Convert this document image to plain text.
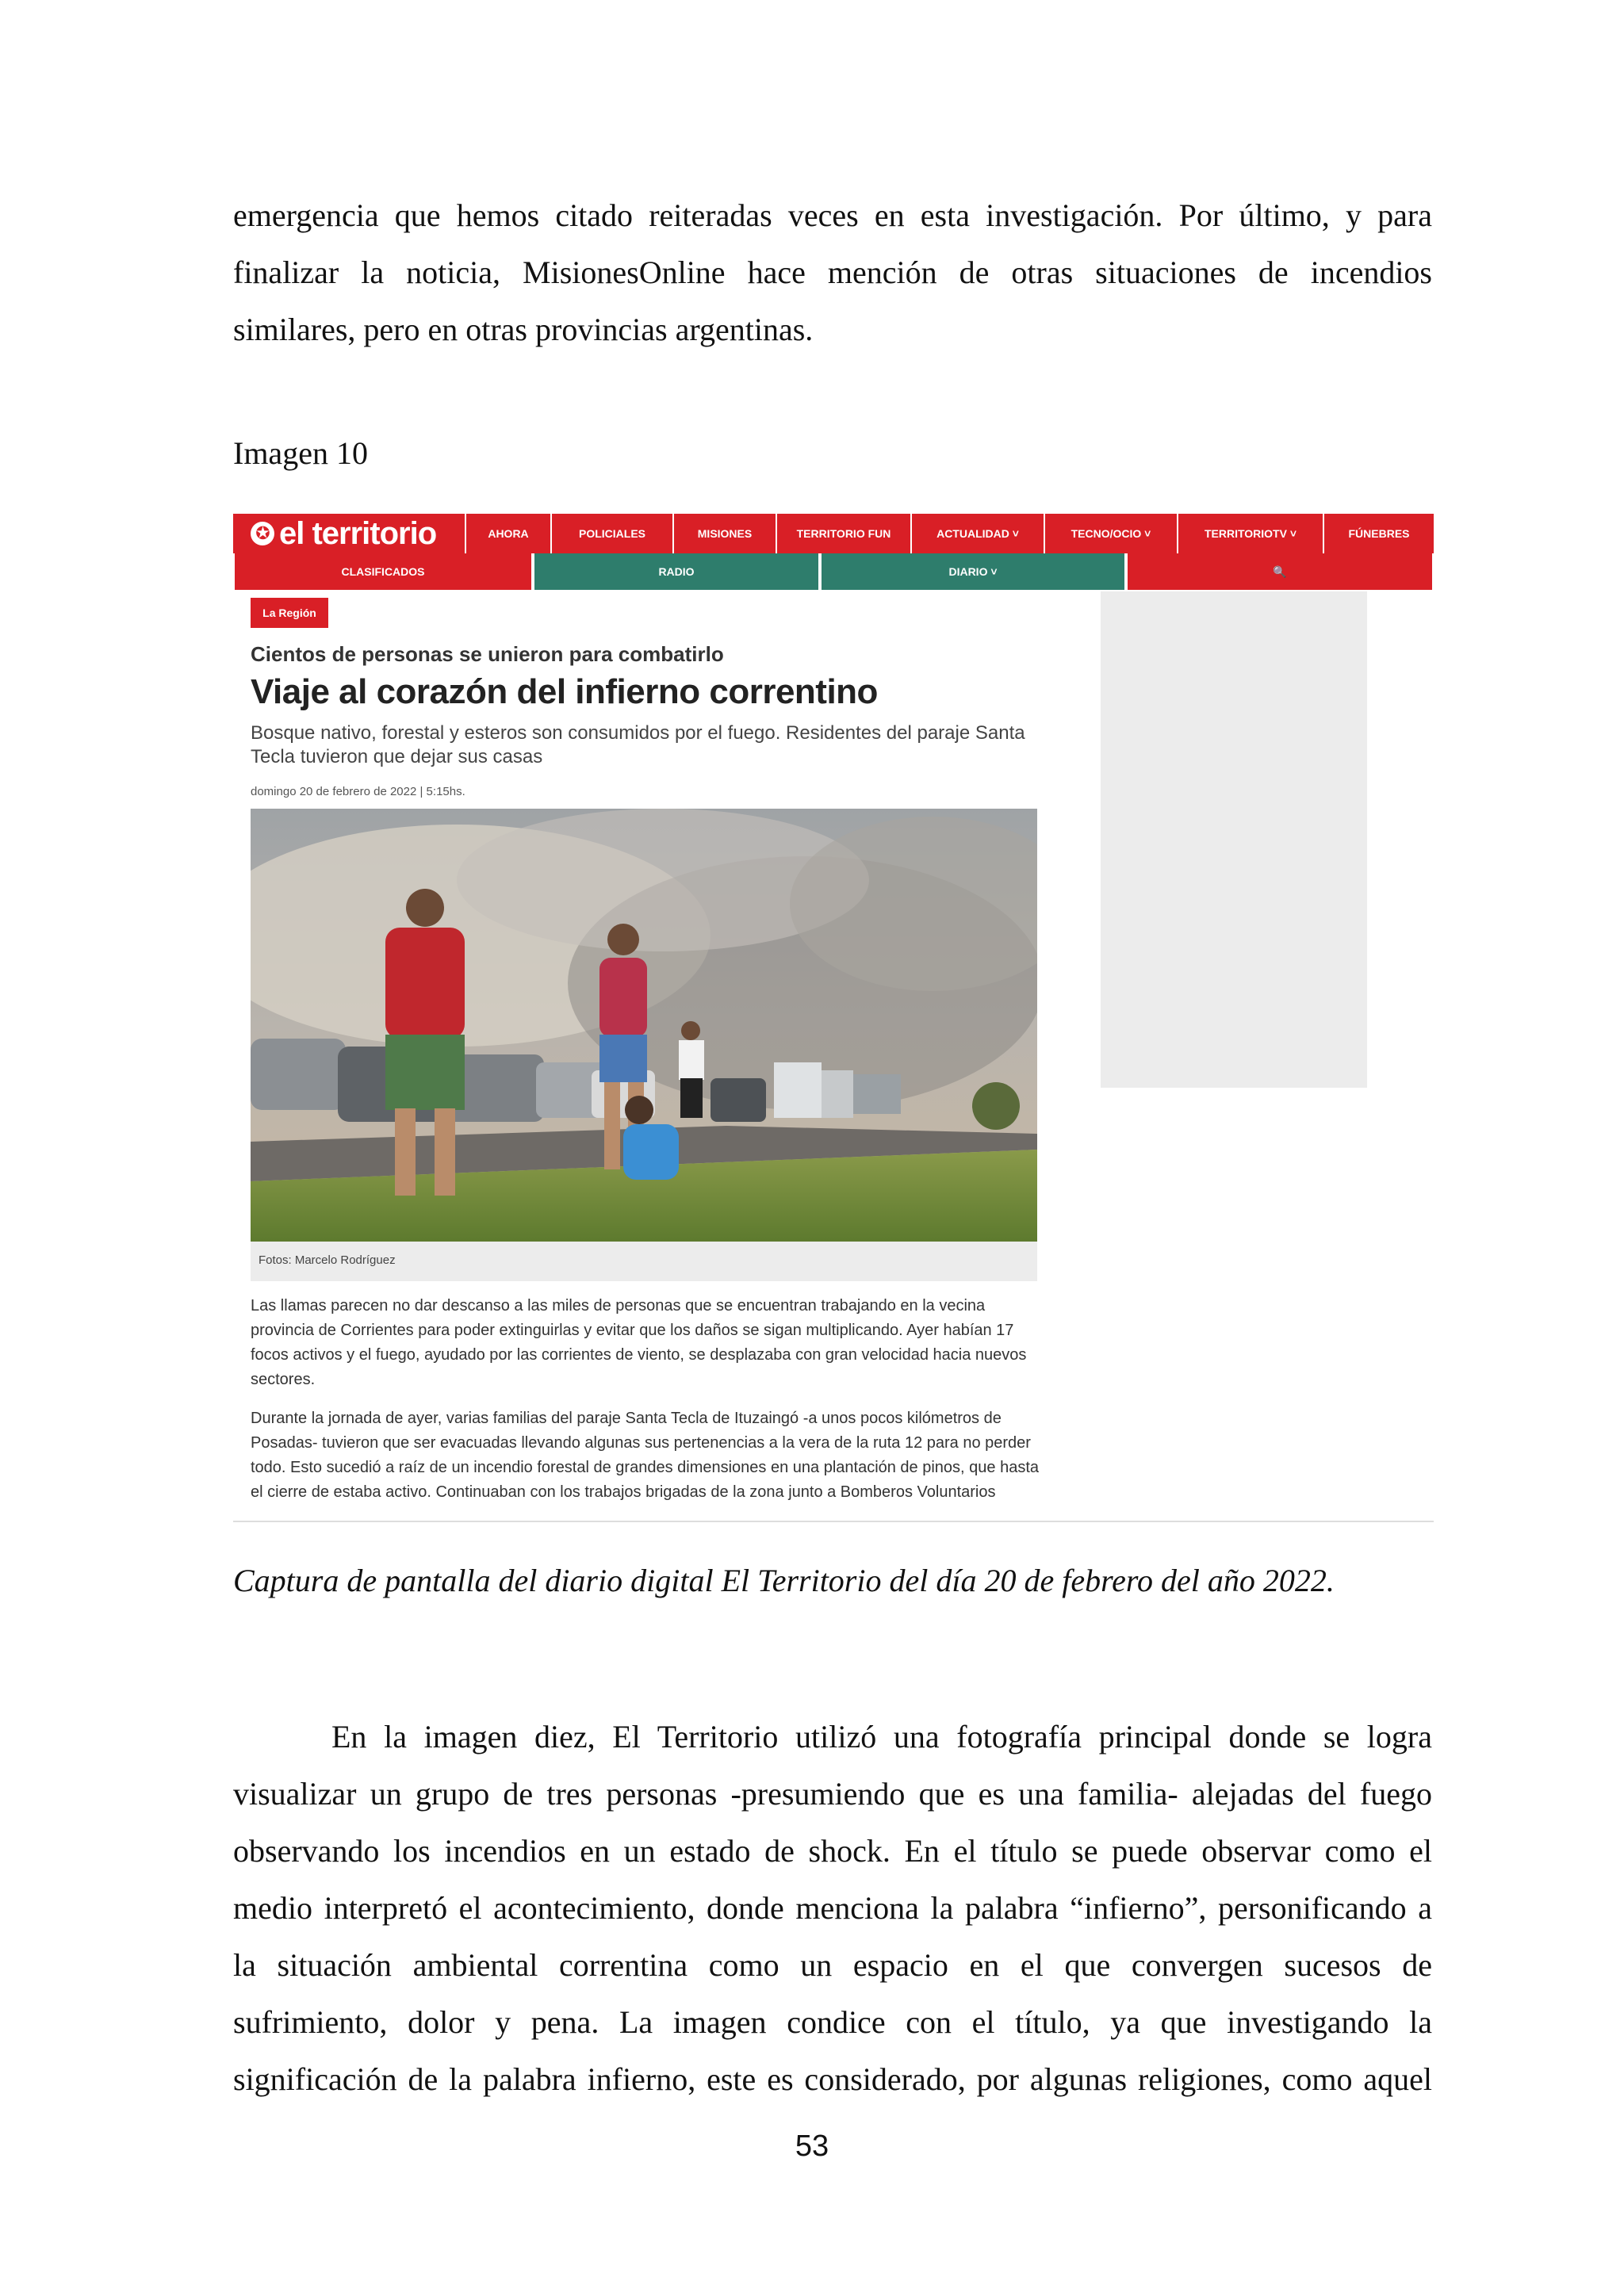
emergencia que hemos citado reiteradas veces en esta investigación. Por último, y para
finalizar la noticia, MisionesOnline hace mención de otras situaciones de incendios
similares, pero en otras provincias argentinas.
Imagen 10
✪ el territorio	AHORA	POLICIALES	MISIONES	TERRITORIO FUN	ACTUALIDAD ˅	TECNO/OCIO ˅	TERRITORIOTV ˅	FÚNEBRES
CLASIFICADOS	RADIO	DIARIO ˅	🔍
La Región
Cientos de personas se unieron para combatirlo
Viaje al corazón del infierno correntino
Bosque nativo, forestal y esteros son consumidos por el fuego. Residentes del paraje Santa Tecla tuvieron que dejar sus casas
domingo 20 de febrero de 2022 | 5:15hs.
Fotos: Marcelo Rodríguez
Las llamas parecen no dar descanso a las miles de personas que se encuentran trabajando en la vecina provincia de Corrientes para poder extinguirlas y evitar que los daños se sigan multiplicando. Ayer habían 17 focos activos y el fuego, ayudado por las corrientes de viento, se desplazaba con gran velocidad hacia nuevos sectores.
Durante la jornada de ayer, varias familias del paraje Santa Tecla de Ituzaingó -a unos pocos kilómetros de Posadas- tuvieron que ser evacuadas llevando algunas sus pertenencias a la vera de la ruta 12 para no perder todo. Esto sucedió a raíz de un incendio forestal de grandes dimensiones en una plantación de pinos, que hasta el cierre de estaba activo. Continuaban con los trabajos brigadas de la zona junto a Bomberos Voluntarios
Captura de pantalla del diario digital El Territorio del día 20 de febrero del año 2022.
En la imagen diez, El Territorio utilizó una fotografía principal donde se logra
visualizar un grupo de tres personas -presumiendo que es una familia- alejadas del fuego
observando los incendios en un estado de shock. En el título se puede observar como el
medio interpretó el acontecimiento, donde menciona la palabra “infierno”, personificando a
la situación ambiental correntina como un espacio en el que convergen sucesos de
sufrimiento, dolor y pena. La imagen condice con el título, ya que investigando la
significación de la palabra infierno, este es considerado, por algunas religiones, como aquel
53
